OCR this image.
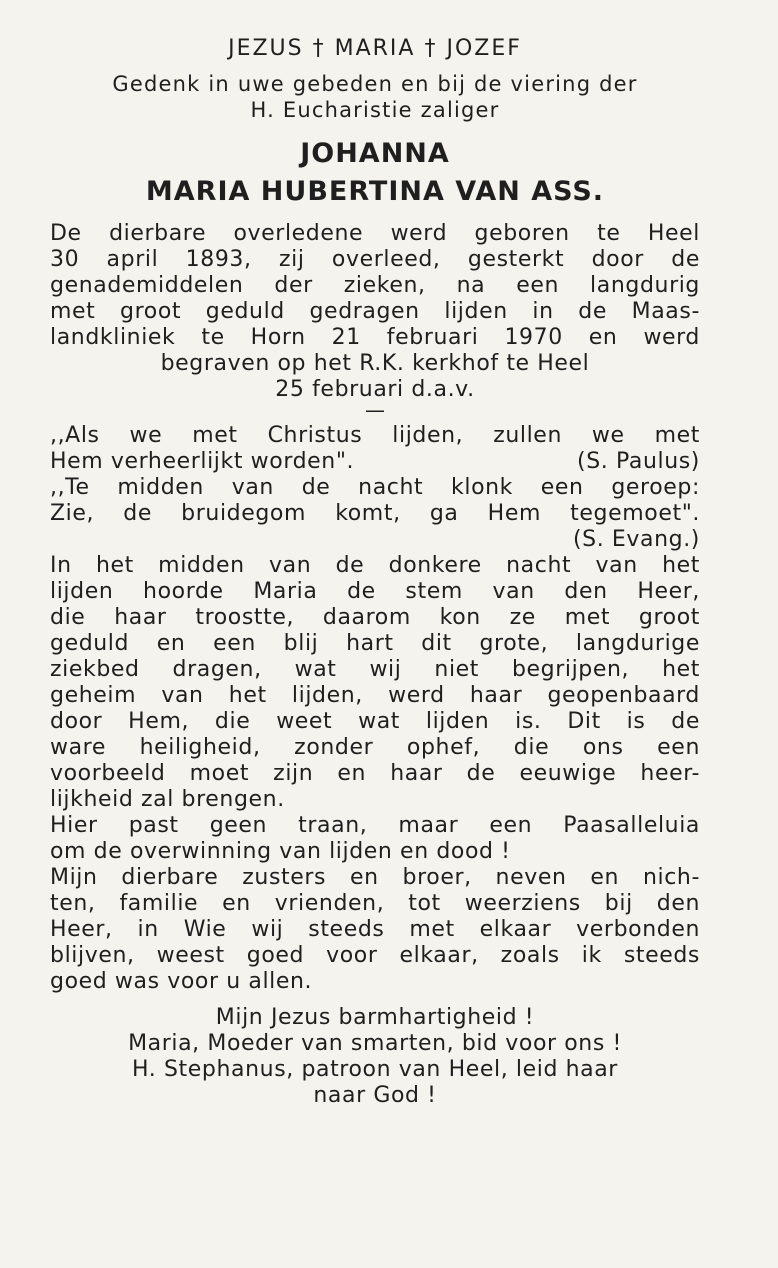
JEZUS † MARIA † JOZEF
Gedenk in uwe gebeden en bij de viering der
H. Eucharistie zaliger
JOHANNA
MARIA HUBERTINA VAN ASS.
De dierbare overledene werd geboren te Heel
30 april 1893, zij overleed, gesterkt door de
genademiddelen der zieken, na een langdurig
met groot geduld gedragen lijden in de Maas-
landkliniek te Horn 21 februari 1970 en werd
begraven op het R.K. kerkhof te Heel
25 februari d.a.v.
—
,,Als we met Christus lijden, zullen we met
Hem verheerlijkt worden".	(S. Paulus)
,,Te midden van de nacht klonk een geroep:
Zie, de bruidegom komt, ga Hem tegemoet".
(S. Evang.)
In het midden van de donkere nacht van het
lijden hoorde Maria de stem van den Heer,
die haar troostte, daarom kon ze met groot
geduld en een blij hart dit grote, langdurige
ziekbed dragen, wat wij niet begrijpen, het
geheim van het lijden, werd haar geopenbaard
door Hem, die weet wat lijden is. Dit is de
ware heiligheid, zonder ophef, die ons een
voorbeeld moet zijn en haar de eeuwige heer-
lijkheid zal brengen.
Hier past geen traan, maar een Paasalleluia
om de overwinning van lijden en dood !
Mijn dierbare zusters en broer, neven en nich-
ten, familie en vrienden, tot weerziens bij den
Heer, in Wie wij steeds met elkaar verbonden
blijven, weest goed voor elkaar, zoals ik steeds
goed was voor u allen.
Mijn Jezus barmhartigheid !
Maria, Moeder van smarten, bid voor ons !
H. Stephanus, patroon van Heel, leid haar
naar God !
